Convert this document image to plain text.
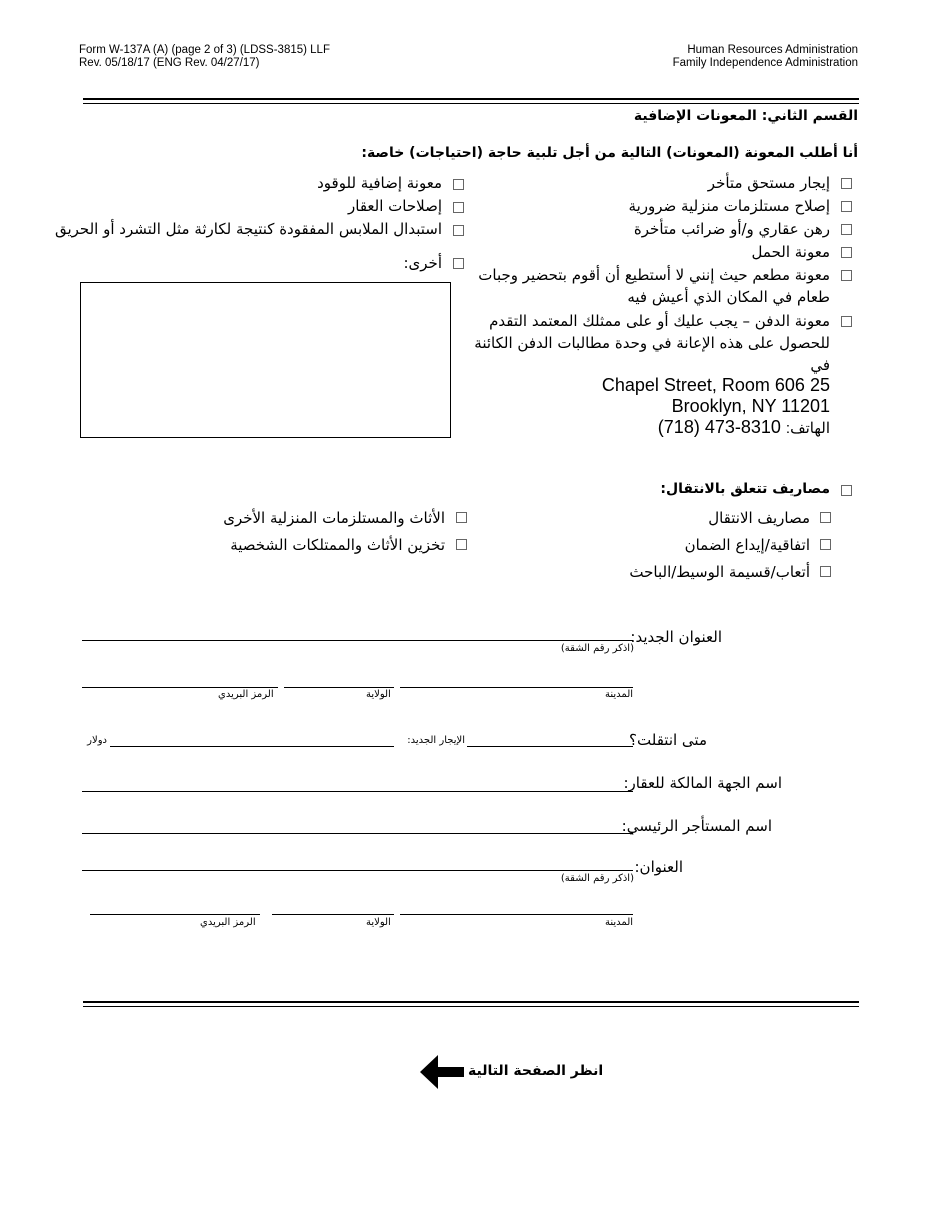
Form W-137A (A) (page 2 of 3) (LDSS-3815) LLF
Rev. 05/18/17 (ENG Rev. 04/27/17)
Human Resources Administration
Family Independence Administration
القسم الثاني: المعونات الإضافية
أنا أطلب المعونة (المعونات) التالية من أجل تلبية حاجة (احتياجات) خاصة:
إيجار مستحق متأخر
إصلاح مستلزمات منزلية ضرورية
رهن عقاري و/أو ضرائب متأخرة
معونة الحمل
معونة مطعم حيث إنني لا أستطيع أن أقوم بتحضير وجبات
طعام في المكان الذي أعيش فيه
معونة الدفن – يجب عليك أو على ممثلك المعتمد التقدم
للحصول على هذه الإعانة في وحدة مطالبات الدفن الكائنة
في
25 Chapel Street, Room 606
Brooklyn, NY 11201
الهاتف: (718) 473-8310
معونة إضافية للوقود
إصلاحات العقار
استبدال الملابس المفقودة كنتيجة لكارثة مثل التشرد أو الحريق
أخرى:
مصاريف تتعلق بالانتقال:
مصاريف الانتقال
اتفاقية/إيداع الضمان
أتعاب/قسيمة الوسيط/الباحث
الأثاث والمستلزمات المنزلية الأخرى
تخزين الأثاث والممتلكات الشخصية
العنوان الجديد:
(اذكر رقم الشقة)
المدينة
الولاية
الرمز البريدي
متى انتقلت؟
الإيجار الجديد:
دولار
اسم الجهة المالكة للعقار:
اسم المستأجر الرئيسي:
العنوان:
(اذكر رقم الشقة)
المدينة
الولاية
الرمز البريدي
انظر الصفحة التالية
